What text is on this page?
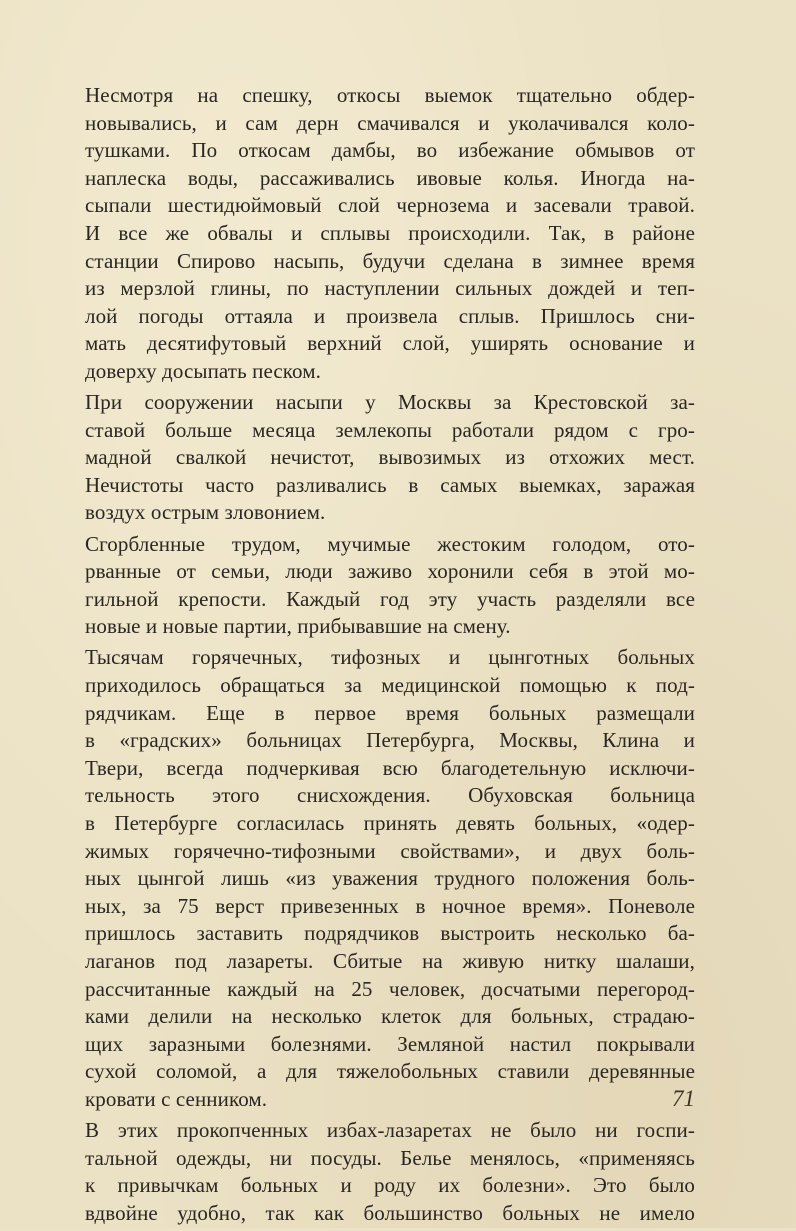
Несмотря на спешку, откосы выемок тщательно обдер-
новывались, и сам дерн смачивался и уколачивался коло-
тушками. По откосам дамбы, во избежание обмывов от
наплеска воды, рассаживались ивовые колья. Иногда на-
сыпали шестидюймовый слой чернозема и засевали травой.
И все же обвалы и сплывы происходили. Так, в районе
станции Спирово насыпь, будучи сделана в зимнее время
из мерзлой глины, по наступлении сильных дождей и теп-
лой погоды оттаяла и произвела сплыв. Пришлось сни-
мать десятифутовый верхний слой, уширять основание и
доверху досыпать песком.
При сооружении насыпи у Москвы за Крестовской за-
ставой больше месяца землекопы работали рядом с гро-
мадной свалкой нечистот, вывозимых из отхожих мест.
Нечистоты часто разливались в самых выемках, заражая
воздух острым зловонием.
Сгорбленные трудом, мучимые жестоким голодом, ото-
рванные от семьи, люди заживо хоронили себя в этой мо-
гильной крепости. Каждый год эту участь разделяли все
новые и новые партии, прибывавшие на смену.
Тысячам горячечных, тифозных и цынготных больных
приходилось обращаться за медицинской помощью к под-
рядчикам. Еще в первое время больных размещали
в «градских» больницах Петербурга, Москвы, Клина и
Твери, всегда подчеркивая всю благодетельную исключи-
тельность этого снисхождения. Обуховская больница
в Петербурге согласилась принять девять больных, «одер-
жимых горячечно-тифозными свойствами», и двух боль-
ных цынгой лишь «из уважения трудного положения боль-
ных, за 75 верст привезенных в ночное время». Поневоле
пришлось заставить подрядчиков выстроить несколько ба-
лаганов под лазареты. Сбитые на живую нитку шалаши,
рассчитанные каждый на 25 человек, досчатыми перегород-
ками делили на несколько клеток для больных, страдаю-
щих заразными болезнями. Земляной настил покрывали
сухой соломой, а для тяжелобольных ставили деревянные
кровати с сенником.
В этих прокопченных избах-лазаретах не было ни госпи-
тальной одежды, ни посуды. Белье менялось, «применяясь
к привычкам больных и роду их болезни». Это было
вдвойне удобно, так как большинство больных не имело
71
